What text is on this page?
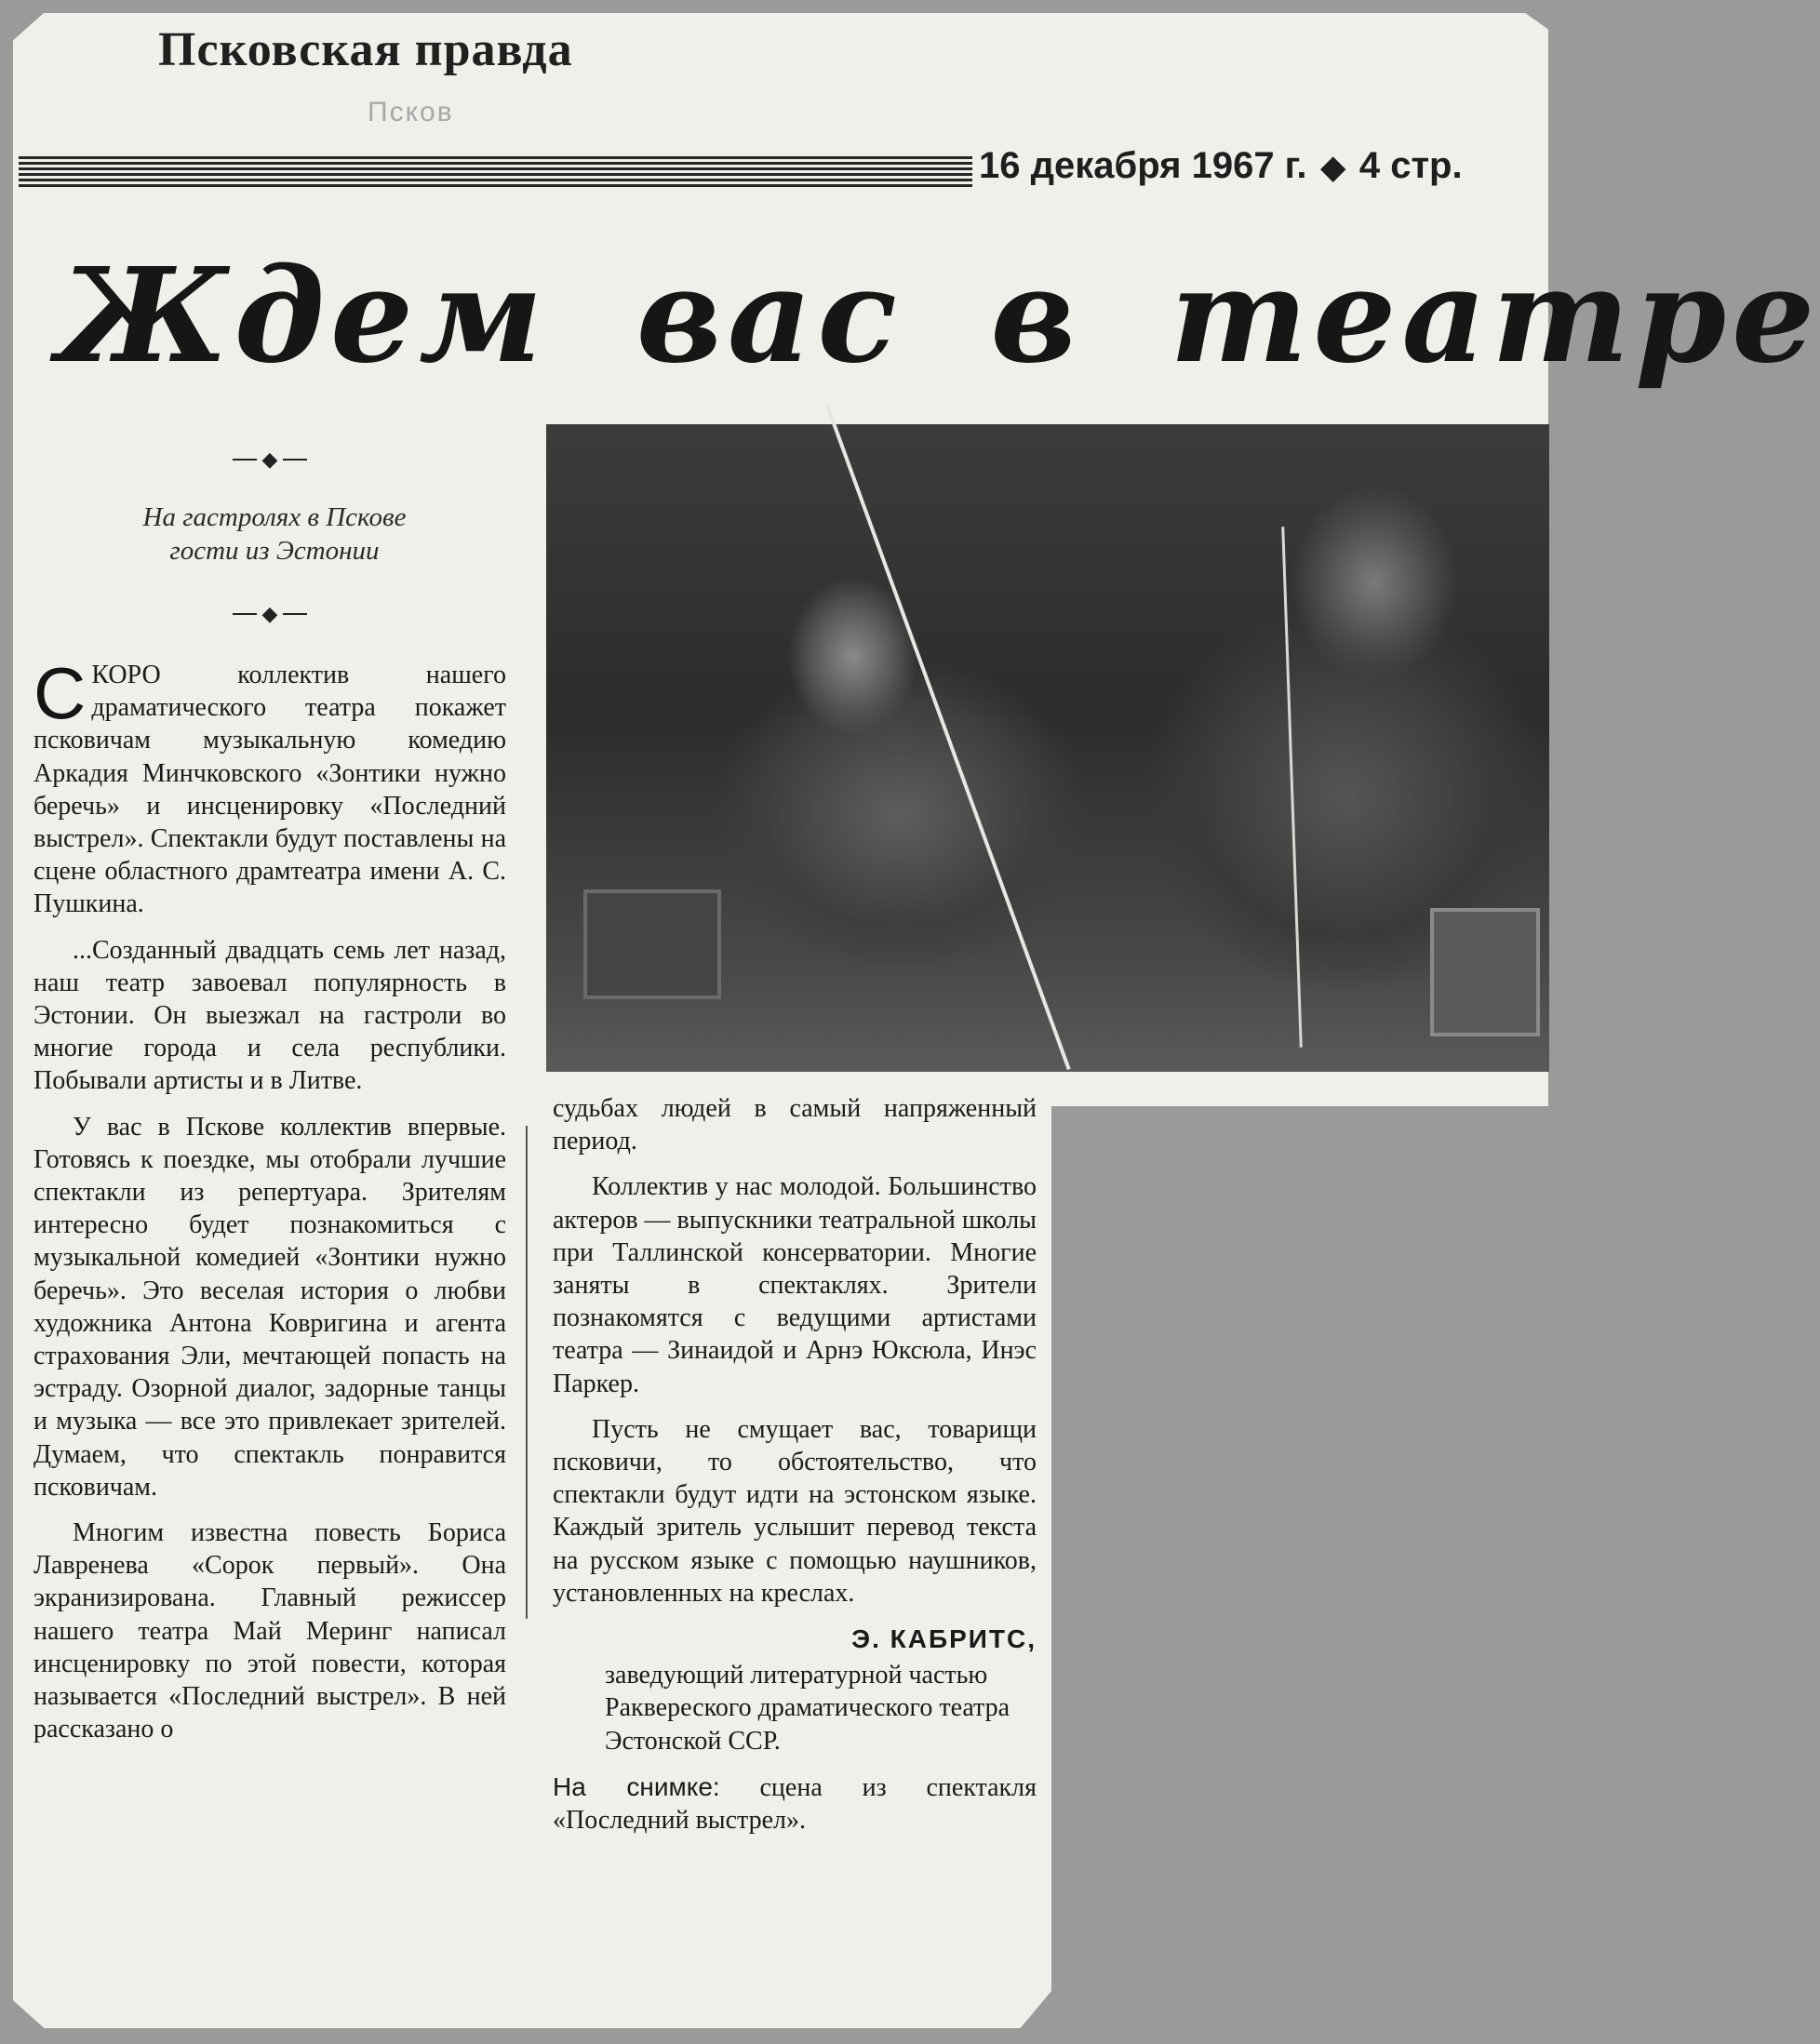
Псковская правда
Псков
16 декабря 1967 г. ◆ 4 стр.
Ждем вас в театре
◆
На гастролях в Пскове
гости из Эстонии
◆

СКОРО коллектив нашего драматического театра покажет псковичам музыкальную комедию Аркадия Минчковского «Зонтики нужно беречь» и инсценировку «Последний выстрел». Спектакли будут поставлены на сцене областного драмтеатра имени А. С. Пушкина.

...Созданный двадцать семь лет назад, наш театр завоевал популярность в Эстонии. Он выезжал на гастроли во многие города и села республики. Побывали артисты и в Литве.

У вас в Пскове коллектив впервые. Готовясь к поездке, мы отобрали лучшие спектакли из репертуара. Зрителям интересно будет познакомиться с музыкальной комедией «Зонтики нужно беречь». Это веселая история о любви художника Антона Ковригина и агента страхования Эли, мечтающей попасть на эстраду. Озорной диалог, задорные танцы и музыка — все это привлекает зрителей. Думаем, что спектакль понравится псковичам.

Многим известна повесть Бориса Лавренева «Сорок первый». Она экранизирована. Главный режиссер нашего театра Май Меринг написал инсценировку по этой повести, которая называется «Последний выстрел». В ней рассказано о

судьбах людей в самый напряженный период.

Коллектив у нас молодой. Большинство актеров — выпускники театральной школы при Таллинской консерватории. Многие заняты в спектаклях. Зрители познакомятся с ведущими артистами театра — Зинаидой и Арнэ Юксюла, Инэс Паркер.

Пусть не смущает вас, товарищи псковичи, то обстоятельство, что спектакли будут идти на эстонском языке. Каждый зритель услышит перевод текста на русском языке с помощью наушников, установленных на креслах.

Э. КАБРИТС,

заведующий литературной частью Раквереского драматического театра Эстонской ССР.

На снимке: сцена из спектакля «Последний выстрел».
